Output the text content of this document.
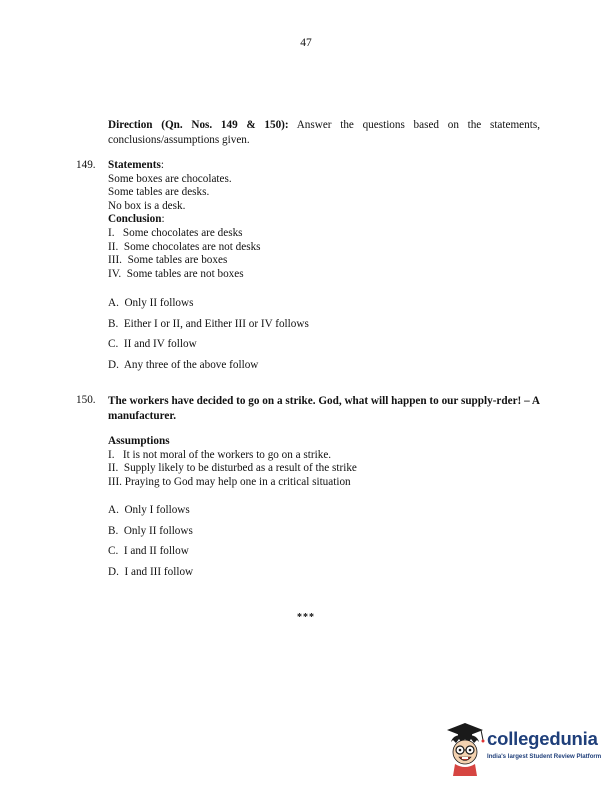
47
Direction (Qn. Nos. 149 & 150): Answer the questions based on the statements, conclusions/assumptions given.
149. Statements:
Some boxes are chocolates.
Some tables are desks.
No box is a desk.
Conclusion:
I.   Some chocolates are desks
II.  Some chocolates are not desks
III.  Some tables are boxes
IV.  Some tables are not boxes
A.  Only II follows
B.  Either I or II, and Either III or IV follows
C.  II and IV follow
D.  Any three of the above follow
150. The workers have decided to go on a strike. God, what will happen to our supply-rder! – A manufacturer.
Assumptions
I.   It is not moral of the workers to go on a strike.
II.  Supply likely to be disturbed as a result of the strike
III. Praying to God may help one in a critical situation
A.  Only I follows
B.  Only II follows
C.  I and II follow
D.  I and III follow
***
collegedunia
India's largest Student Review Platform
